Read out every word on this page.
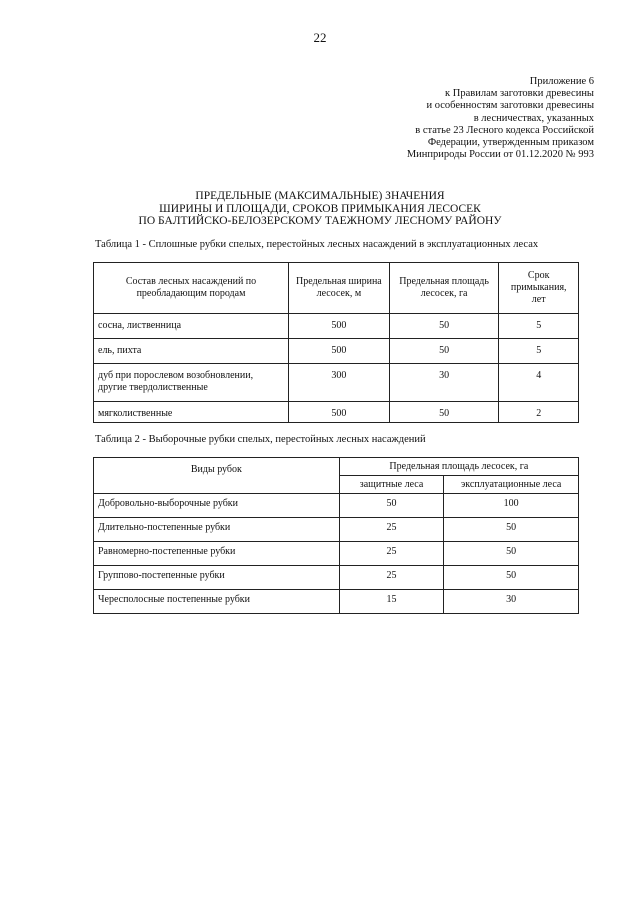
22
Приложение 6
к Правилам заготовки древесины
и особенностям заготовки древесины
в лесничествах, указанных
в статье 23 Лесного кодекса Российской
Федерации, утвержденным приказом
Минприроды России от 01.12.2020 № 993
ПРЕДЕЛЬНЫЕ (МАКСИМАЛЬНЫЕ) ЗНАЧЕНИЯ
ШИРИНЫ И ПЛОЩАДИ, СРОКОВ ПРИМЫКАНИЯ ЛЕСОСЕК
ПО БАЛТИЙСКО-БЕЛОЗЕРСКОМУ ТАЕЖНОМУ ЛЕСНОМУ РАЙОНУ
Таблица 1 - Сплошные рубки спелых, перестойных лесных насаждений в эксплуатационных лесах
Состав лесных насаждений по преобладающим породам	Предельная ширина лесосек, м	Предельная площадь лесосек, га	Срок примыкания, лет
сосна, лиственница	500	50	5
ель, пихта	500	50	5
дуб при порослевом возобновлении, другие твердолиственные	300	30	4
мягколиственные	500	50	2
Таблица 2 - Выборочные рубки спелых, перестойных лесных насаждений
Виды рубок	Предельная площадь лесосек, га	
	защитные леса	эксплуатационные леса
Добровольно-выборочные рубки	50	100
Длительно-постепенные рубки	25	50
Равномерно-постепенные рубки	25	50
Группово-постепенные рубки	25	50
Чересполосные постепенные рубки	15	30
